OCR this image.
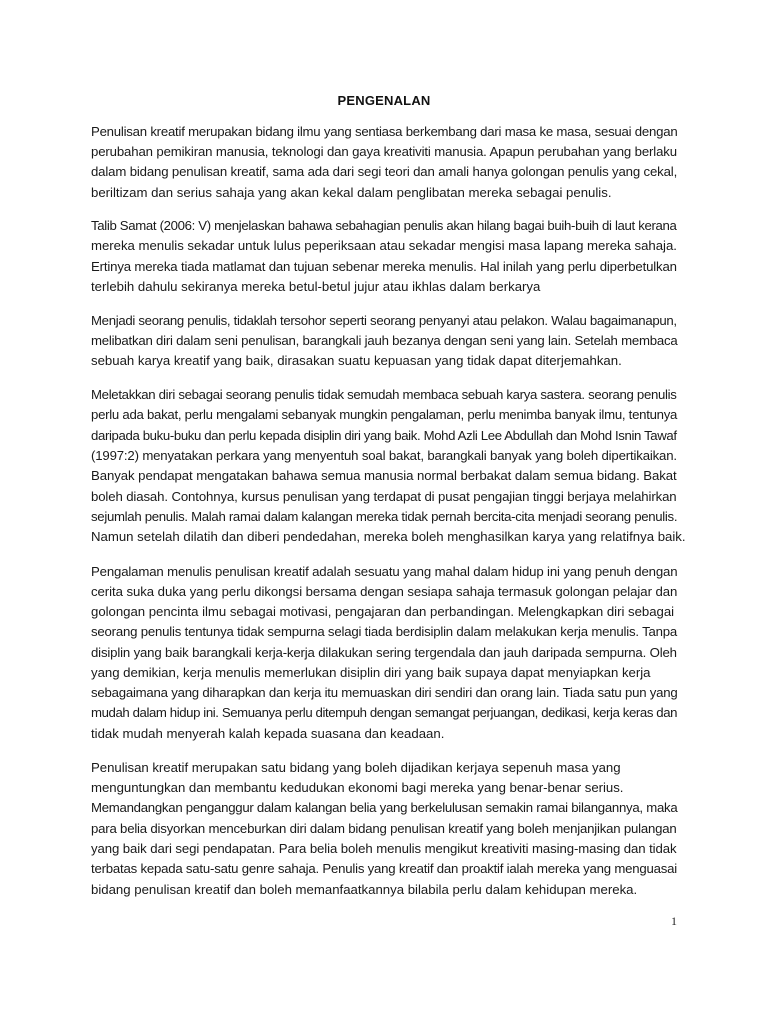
PENGENALAN
Penulisan kreatif merupakan bidang ilmu yang sentiasa berkembang dari masa ke masa, sesuai dengan
perubahan pemikiran manusia, teknologi dan gaya kreativiti manusia. Apapun perubahan yang berlaku
dalam bidang penulisan kreatif, sama ada dari segi teori dan amali hanya golongan penulis yang cekal,
beriltizam dan serius sahaja yang akan kekal dalam penglibatan mereka sebagai penulis.
Talib Samat (2006: V) menjelaskan bahawa sebahagian penulis akan hilang bagai buih-buih di laut kerana
mereka menulis sekadar untuk lulus peperiksaan atau sekadar mengisi masa lapang mereka sahaja.
Ertinya mereka tiada matlamat dan tujuan sebenar mereka menulis. Hal inilah yang perlu diperbetulkan
terlebih dahulu sekiranya mereka betul-betul jujur atau ikhlas dalam berkarya
Menjadi seorang penulis, tidaklah tersohor seperti seorang penyanyi atau pelakon. Walau bagaimanapun,
melibatkan diri dalam seni penulisan, barangkali jauh bezanya dengan seni yang lain. Setelah membaca
sebuah karya kreatif yang baik, dirasakan suatu kepuasan yang tidak dapat diterjemahkan.
Meletakkan diri sebagai seorang penulis tidak semudah membaca sebuah karya sastera. seorang penulis
perlu ada bakat, perlu mengalami sebanyak mungkin pengalaman, perlu menimba banyak ilmu, tentunya
daripada buku-buku dan perlu kepada disiplin diri yang baik. Mohd Azli Lee Abdullah dan Mohd Isnin Tawaf
(1997:2) menyatakan perkara yang menyentuh soal bakat, barangkali banyak yang boleh dipertikaikan.
Banyak pendapat mengatakan bahawa semua manusia normal berbakat dalam semua bidang. Bakat
boleh diasah. Contohnya, kursus penulisan yang terdapat di pusat pengajian tinggi berjaya melahirkan
sejumlah penulis. Malah ramai dalam kalangan mereka tidak pernah bercita-cita menjadi seorang penulis.
Namun setelah dilatih dan diberi pendedahan, mereka boleh menghasilkan karya yang relatifnya baik.
Pengalaman menulis penulisan kreatif adalah sesuatu yang mahal dalam hidup ini yang penuh dengan
cerita suka duka yang perlu dikongsi bersama dengan sesiapa sahaja termasuk golongan pelajar dan
golongan pencinta ilmu sebagai motivasi, pengajaran dan perbandingan. Melengkapkan diri sebagai
seorang penulis tentunya tidak sempurna selagi tiada berdisiplin dalam melakukan kerja menulis. Tanpa
disiplin yang baik barangkali kerja-kerja dilakukan sering tergendala dan jauh daripada sempurna. Oleh
yang demikian, kerja menulis memerlukan disiplin diri yang baik supaya dapat menyiapkan kerja
sebagaimana yang diharapkan dan kerja itu memuaskan diri sendiri dan orang lain. Tiada satu pun yang
mudah dalam hidup ini. Semuanya perlu ditempuh dengan semangat perjuangan, dedikasi, kerja keras dan
tidak mudah menyerah kalah kepada suasana dan keadaan.
Penulisan kreatif merupakan satu bidang yang boleh dijadikan kerjaya sepenuh masa yang
menguntungkan dan membantu kedudukan ekonomi bagi mereka yang benar-benar serius.
Memandangkan penganggur dalam kalangan belia yang berkelulusan semakin ramai bilangannya, maka
para belia disyorkan menceburkan diri dalam bidang penulisan kreatif yang boleh menjanjikan pulangan
yang baik dari segi pendapatan. Para belia boleh menulis mengikut kreativiti masing-masing dan tidak
terbatas kepada satu-satu genre sahaja. Penulis yang kreatif dan proaktif ialah mereka yang menguasai
bidang penulisan kreatif dan boleh memanfaatkannya bilabila perlu dalam kehidupan mereka.
1
